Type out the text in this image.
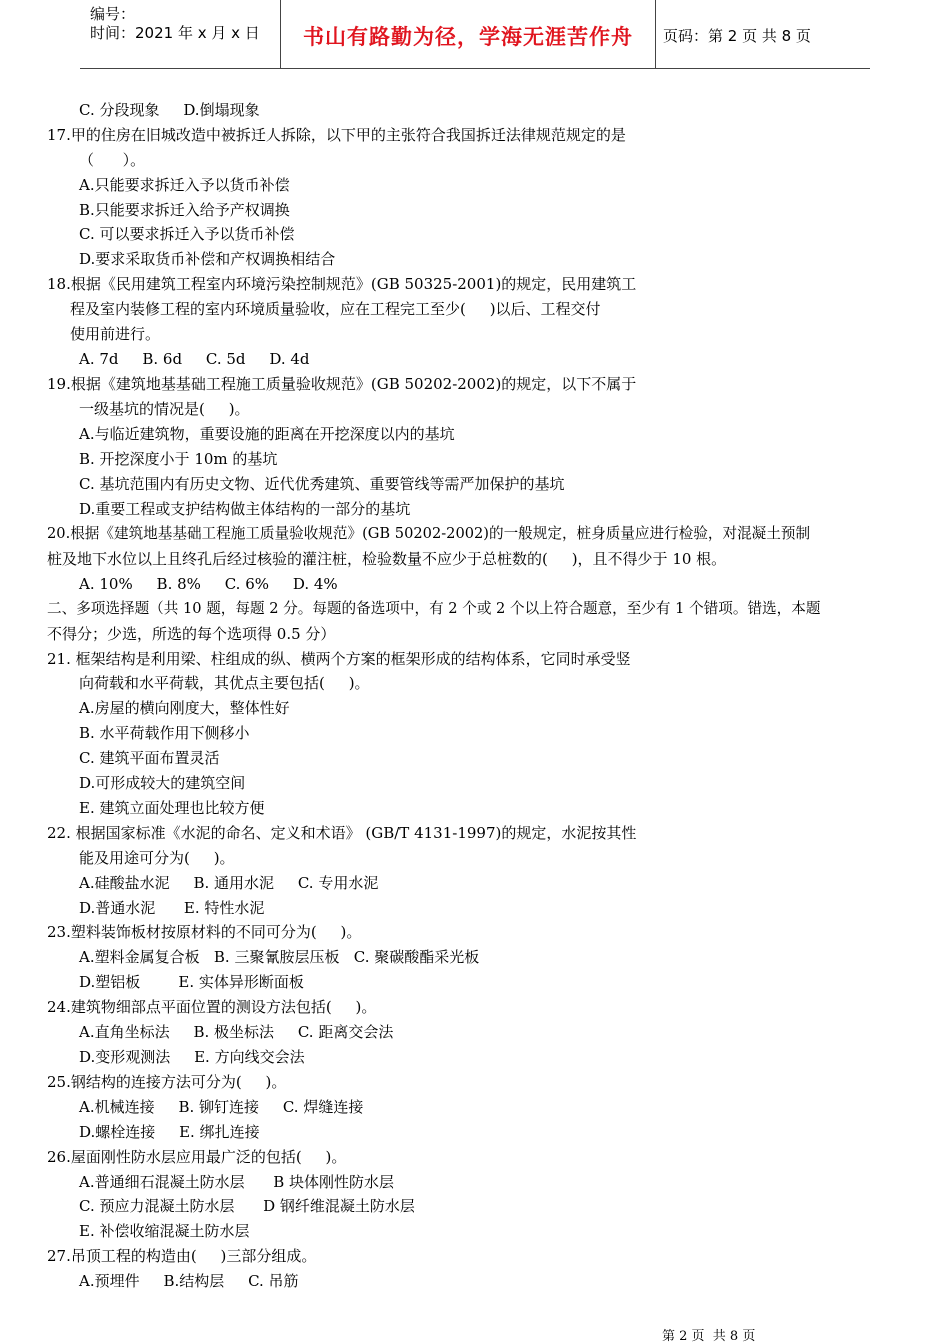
编号：
时间：2021 年 x 月 x 日	书山有路勤为径，学海无涯苦作舟	页码：第 2 页 共 8 页
C. 分段现象     D.倒塌现象
17.甲的住房在旧城改造中被拆迁人拆除，以下甲的主张符合我国拆迁法律规范规定的是
（      ）。
A.只能要求拆迁入予以货币补偿
B.只能要求拆迁入给予产权调换
C. 可以要求拆迁入予以货币补偿
D.要求采取货币补偿和产权调换相结合
18.根据《民用建筑工程室内环境污染控制规范》(GB 50325-2001)的规定，民用建筑工
程及室内装修工程的室内环境质量验收，应在工程完工至少(     )以后、工程交付
使用前进行。
A. 7d     B. 6d     C. 5d     D. 4d
19.根据《建筑地基基础工程施工质量验收规范》(GB 50202-2002)的规定，以下不属于
一级基坑的情况是(     )。
A.与临近建筑物，重要设施的距离在开挖深度以内的基坑
B. 开挖深度小于 10m 的基坑
C. 基坑范围内有历史文物、近代优秀建筑、重要管线等需严加保护的基坑
D.重要工程或支护结构做主体结构的一部分的基坑
20.根据《建筑地基基础工程施工质量验收规范》(GB 50202-2002)的一般规定，桩身质量应进行检验，对混凝土预制
桩及地下水位以上且终孔后经过核验的灌注桩，检验数量不应少于总桩数的(     )，且不得少于 10 根。
A. 10%     B. 8%     C. 6%     D. 4%
二、多项选择题（共 10 题，每题 2 分。每题的备选项中，有 2 个或 2 个以上符合题意，至少有 1 个错项。错选，本题
不得分；少选，所选的每个选项得 0.5 分）
21. 框架结构是利用梁、柱组成的纵、横两个方案的框架形成的结构体系，它同时承受竖
向荷载和水平荷载，其优点主要包括(     )。
A.房屋的横向刚度大，整体性好
B. 水平荷载作用下侧移小
C. 建筑平面布置灵活
D.可形成较大的建筑空间
E. 建筑立面处理也比较方便
22. 根据国家标准《水泥的命名、定义和术语》 (GB/T 4131-1997)的规定，水泥按其性
能及用途可分为(     )。
A.硅酸盐水泥     B. 通用水泥     C. 专用水泥
D.普通水泥      E. 特性水泥
23.塑料装饰板材按原材料的不同可分为(     )。
A.塑料金属复合板   B. 三聚氰胺层压板   C. 聚碳酸酯采光板
D.塑铝板        E. 实体异形断面板
24.建筑物细部点平面位置的测设方法包括(     )。
A.直角坐标法     B. 极坐标法     C. 距离交会法
D.变形观测法     E. 方向线交会法
25.钢结构的连接方法可分为(     )。
A.机械连接     B. 铆钉连接     C. 焊缝连接
D.螺栓连接     E. 绑扎连接
26.屋面刚性防水层应用最广泛的包括(     )。
A.普通细石混凝土防水层      B 块体刚性防水层
C. 预应力混凝土防水层      D 钢纤维混凝土防水层
E. 补偿收缩混凝土防水层
27.吊顶工程的构造由(     )三部分组成。
A.预埋件     B.结构层     C. 吊筋
第 2 页  共 8 页
